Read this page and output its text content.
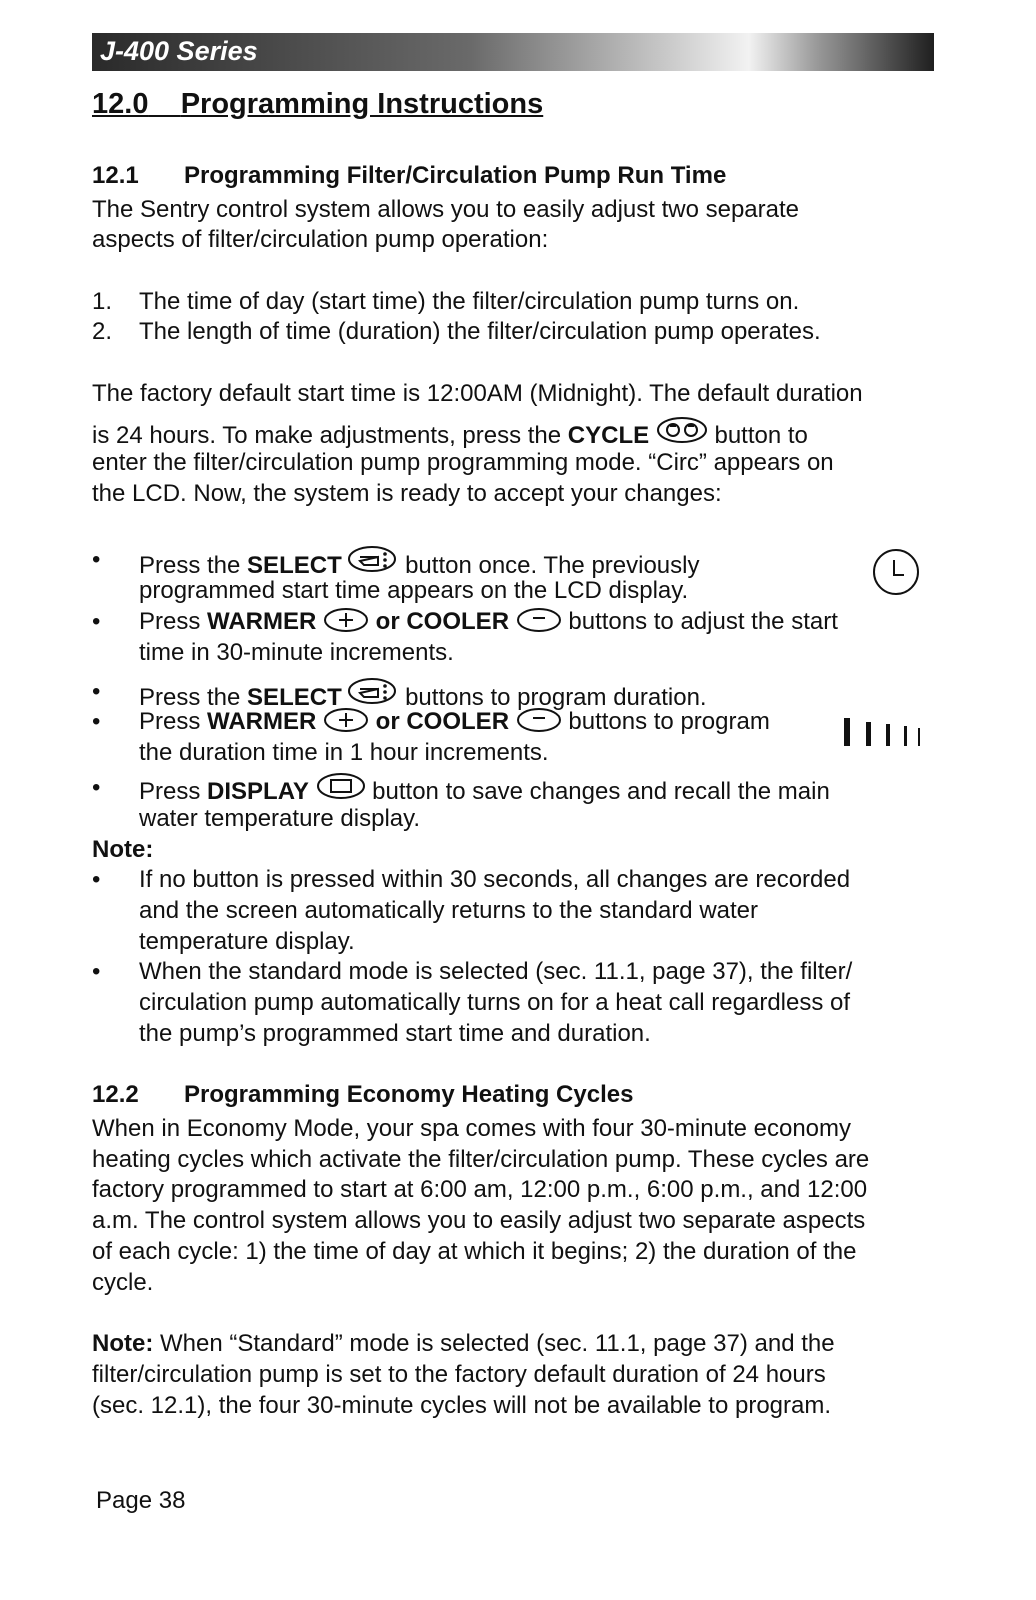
J-400 Series
12.0 Programming Instructions
12.1 Programming Filter/Circulation Pump Run Time
The Sentry control system allows you to easily adjust two separate
aspects of filter/circulation pump operation:
1. The time of day (start time) the filter/circulation pump turns on.
2. The length of time (duration) the filter/circulation pump operates.
The factory default start time is 12:00AM (Midnight). The default duration
is 24 hours. To make adjustments, press the CYCLE  button to
enter the filter/circulation pump programming mode. “Circ” appears on
the LCD. Now, the system is ready to accept your changes:
• Press the SELECT  button once. The previously
programmed start time appears on the LCD display.
• Press WARMER  or COOLER  buttons to adjust the start
time in 30-minute increments.
• Press the SELECT  buttons to program duration.
• Press WARMER  or COOLER  buttons to program
the duration time in 1 hour increments.
• Press DISPLAY  button to save changes and recall the main
water temperature display.
Note:
• If no button is pressed within 30 seconds, all changes are recorded
and the screen automatically returns to the standard water
temperature display.
• When the standard mode is selected (sec. 11.1, page 37), the filter/
circulation pump automatically turns on for a heat call regardless of
the pump’s programmed start time and duration.
12.2 Programming Economy Heating Cycles
When in Economy Mode, your spa comes with four 30-minute economy
heating cycles which activate the filter/circulation pump. These cycles are
factory programmed to start at 6:00 am, 12:00 p.m., 6:00 p.m., and 12:00
a.m. The control system allows you to easily adjust two separate aspects
of each cycle: 1) the time of day at which it begins; 2) the duration of the
cycle.
Note: When “Standard” mode is selected (sec. 11.1, page 37) and the
filter/circulation pump is set to the factory default duration of 24 hours
(sec. 12.1), the four 30-minute cycles will not be available to program.
Page 38
